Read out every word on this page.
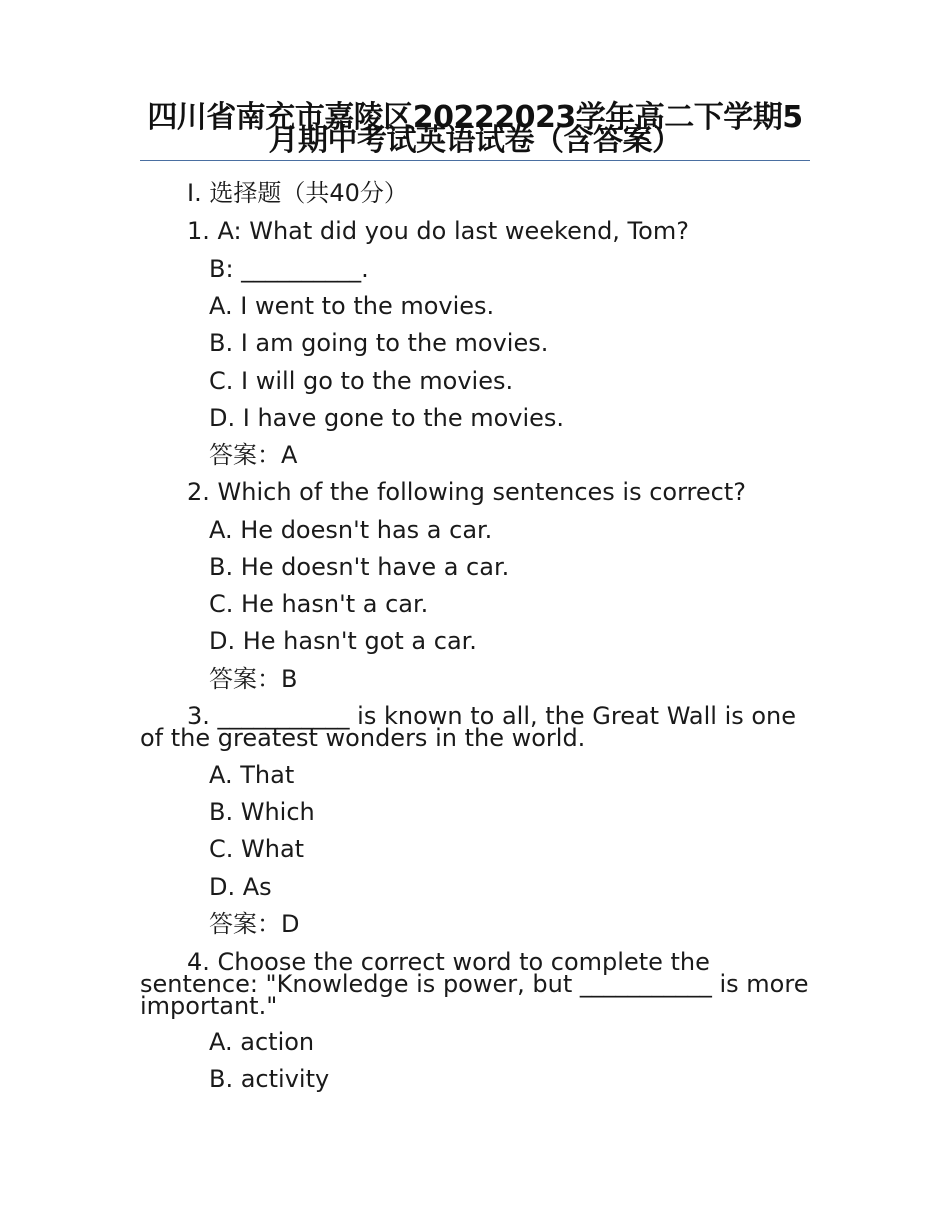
四川省南充市嘉陵区20222023学年高二下学期5月期中考试英语试卷（含答案）
I. 选择题（共40分）
1. A: What did you do last weekend, Tom?
B: __________.
A. I went to the movies.
B. I am going to the movies.
C. I will go to the movies.
D. I have gone to the movies.
答案：A
2. Which of the following sentences is correct?
A. He doesn't has a car.
B. He doesn't have a car.
C. He hasn't a car.
D. He hasn't got a car.
答案：B

3. ___________ is known to all, the Great Wall is one of the greatest wonders in the world.

A. That
B. Which
C. What
D. As
答案：D

4. Choose the correct word to complete the sentence: "Knowledge is power, but ___________ is more important."

A. action
B. activity
